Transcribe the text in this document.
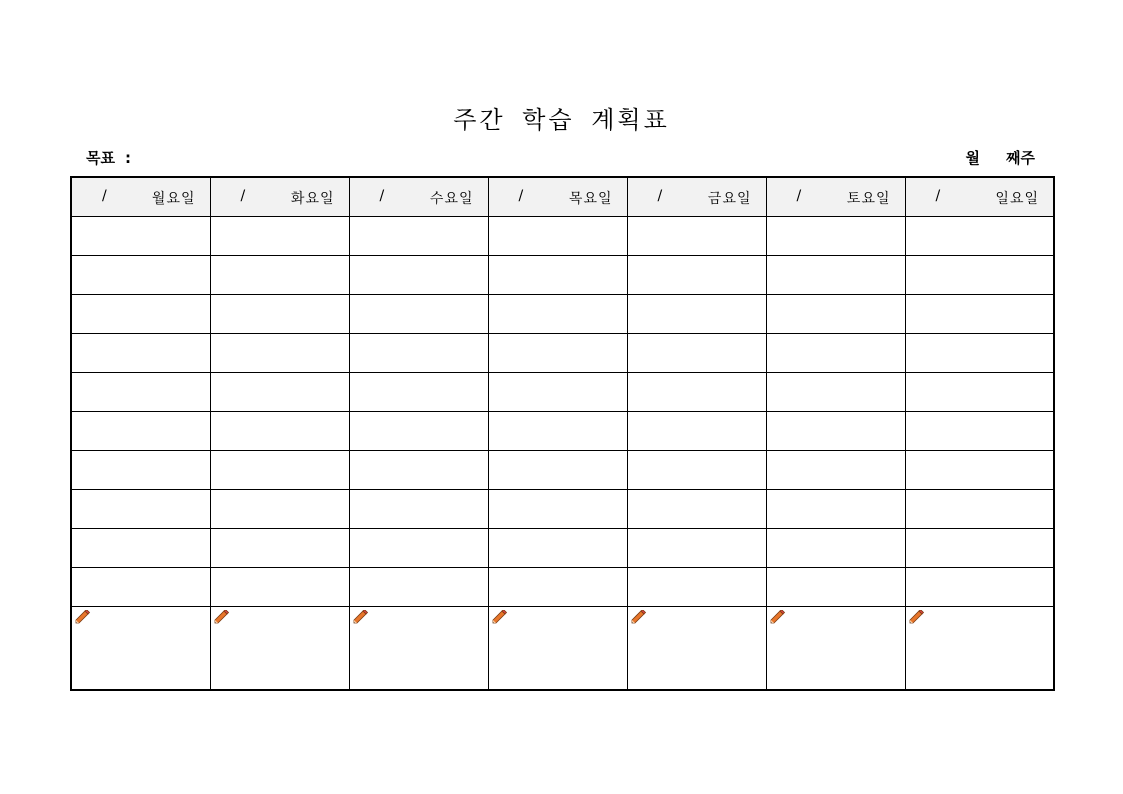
주간 학습 계획표
목표 :	월 째주
/ 월요일	/ 화요일	/ 수요일	/ 목요일	/ 금요일	/ 토요일	/ 일요일
